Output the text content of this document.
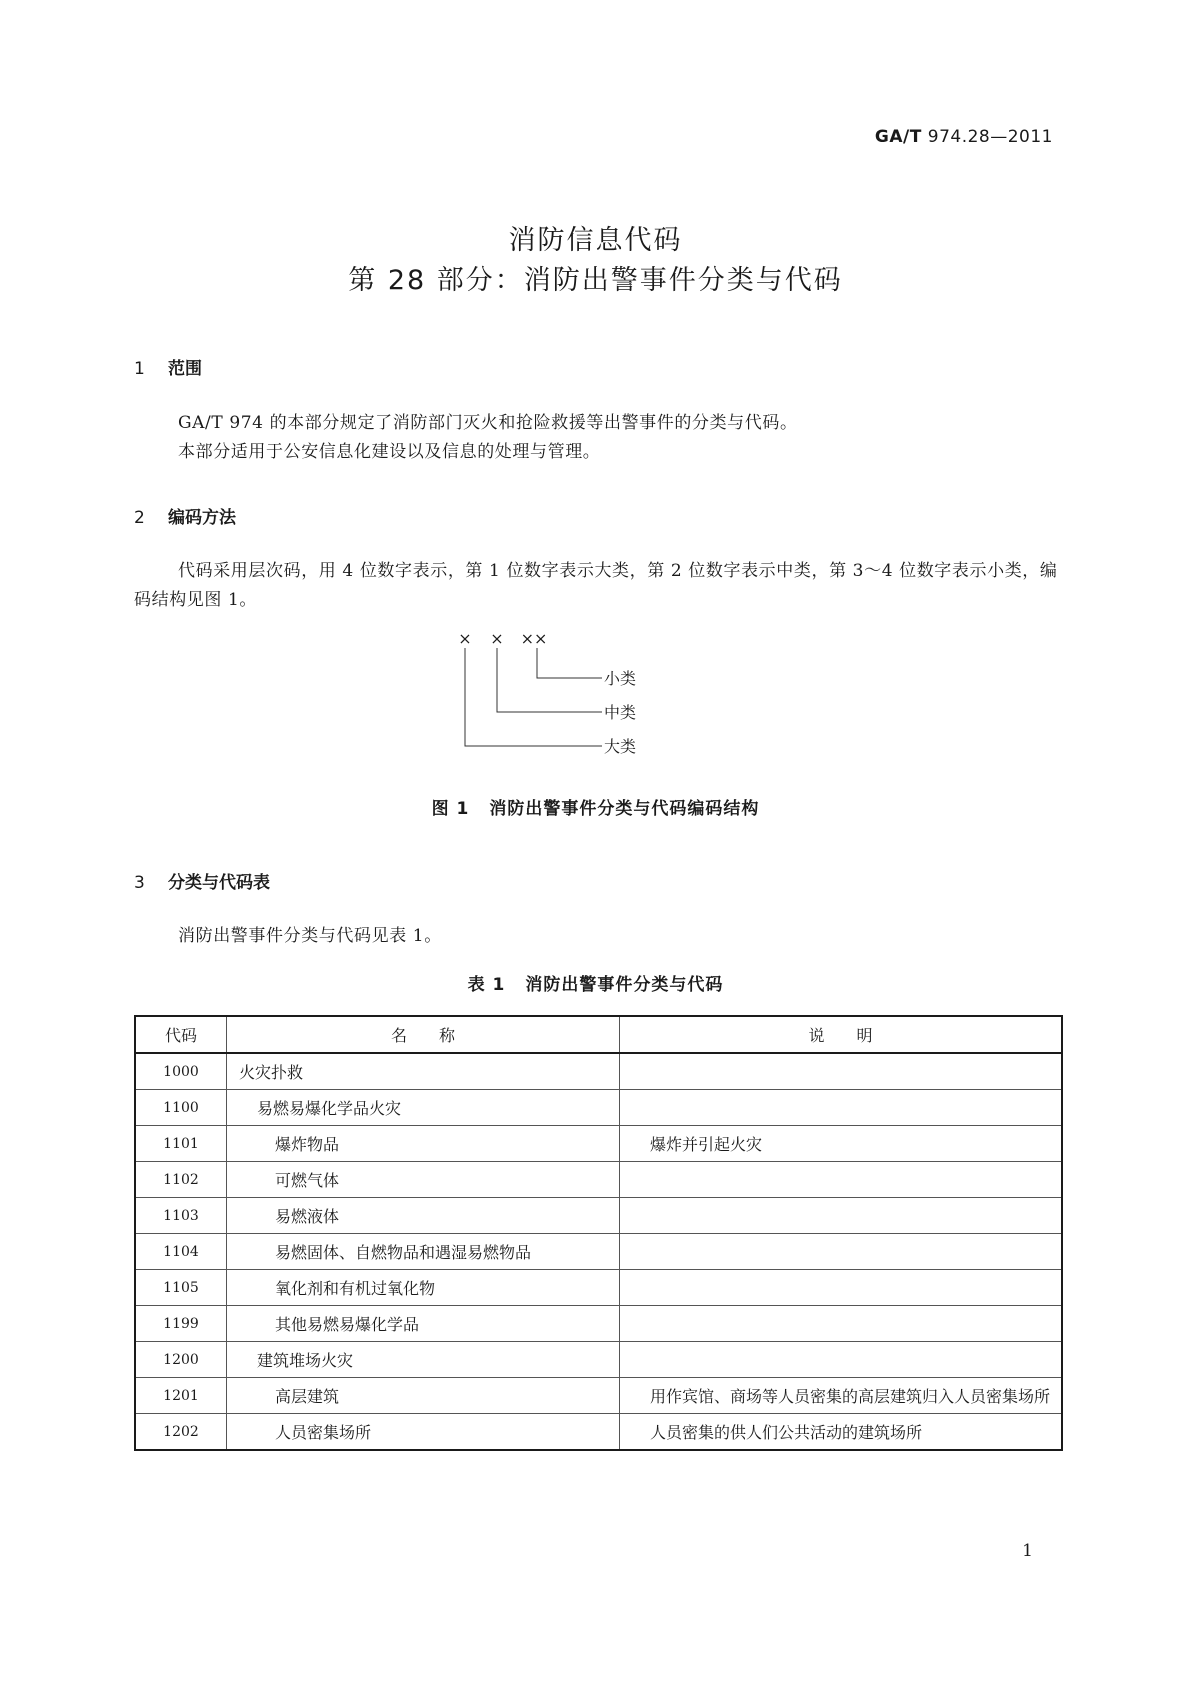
GA/T 974.28—2011
消防信息代码
第 28 部分：消防出警事件分类与代码
1 范围
GA/T 974 的本部分规定了消防部门灭火和抢险救援等出警事件的分类与代码。
本部分适用于公安信息化建设以及信息的处理与管理。
2 编码方法
代码采用层次码，用 4 位数字表示，第 1 位数字表示大类，第 2 位数字表示中类，第 3～4 位数字表示小类，编码结构见图 1。
× × ××
小类
中类
大类
图 1 消防出警事件分类与代码编码结构
3 分类与代码表
消防出警事件分类与代码见表 1。
表 1 消防出警事件分类与代码
代码	名　　称	说　　明
1000	火灾扑救	
1100	易燃易爆化学品火灾	
1101	爆炸物品	爆炸并引起火灾
1102	可燃气体	
1103	易燃液体	
1104	易燃固体、自燃物品和遇湿易燃物品	
1105	氧化剂和有机过氧化物	
1199	其他易燃易爆化学品	
1200	建筑堆场火灾	
1201	高层建筑	用作宾馆、商场等人员密集的高层建筑归入人员密集场所
1202	人员密集场所	人员密集的供人们公共活动的建筑场所
1
